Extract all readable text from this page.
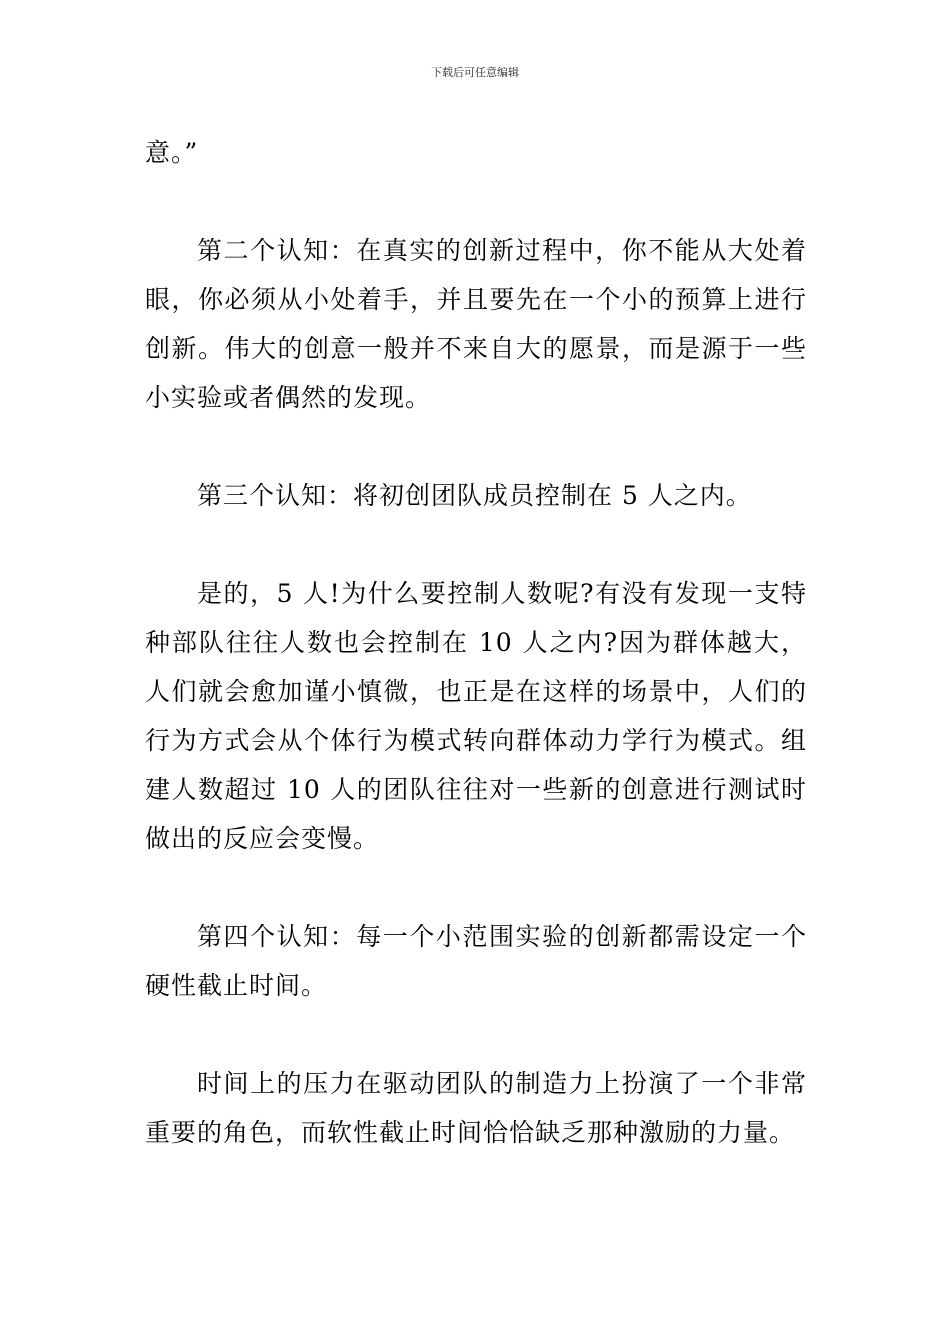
下载后可任意编辑

意。”

第二个认知：在真实的创新过程中，你不能从大处着眼，你必须从小处着手，并且要先在一个小的预算上进行创新。伟大的创意一般并不来自大的愿景，而是源于一些小实验或者偶然的发现。

第三个认知：将初创团队成员控制在 5 人之内。

是的，5 人!为什么要控制人数呢?有没有发现一支特种部队往往人数也会控制在 10 人之内?因为群体越大，人们就会愈加谨小慎微，也正是在这样的场景中，人们的行为方式会从个体行为模式转向群体动力学行为模式。组建人数超过 10 人的团队往往对一些新的创意进行测试时做出的反应会变慢。

第四个认知：每一个小范围实验的创新都需设定一个硬性截止时间。

时间上的压力在驱动团队的制造力上扮演了一个非常重要的角色，而软性截止时间恰恰缺乏那种激励的力量。
